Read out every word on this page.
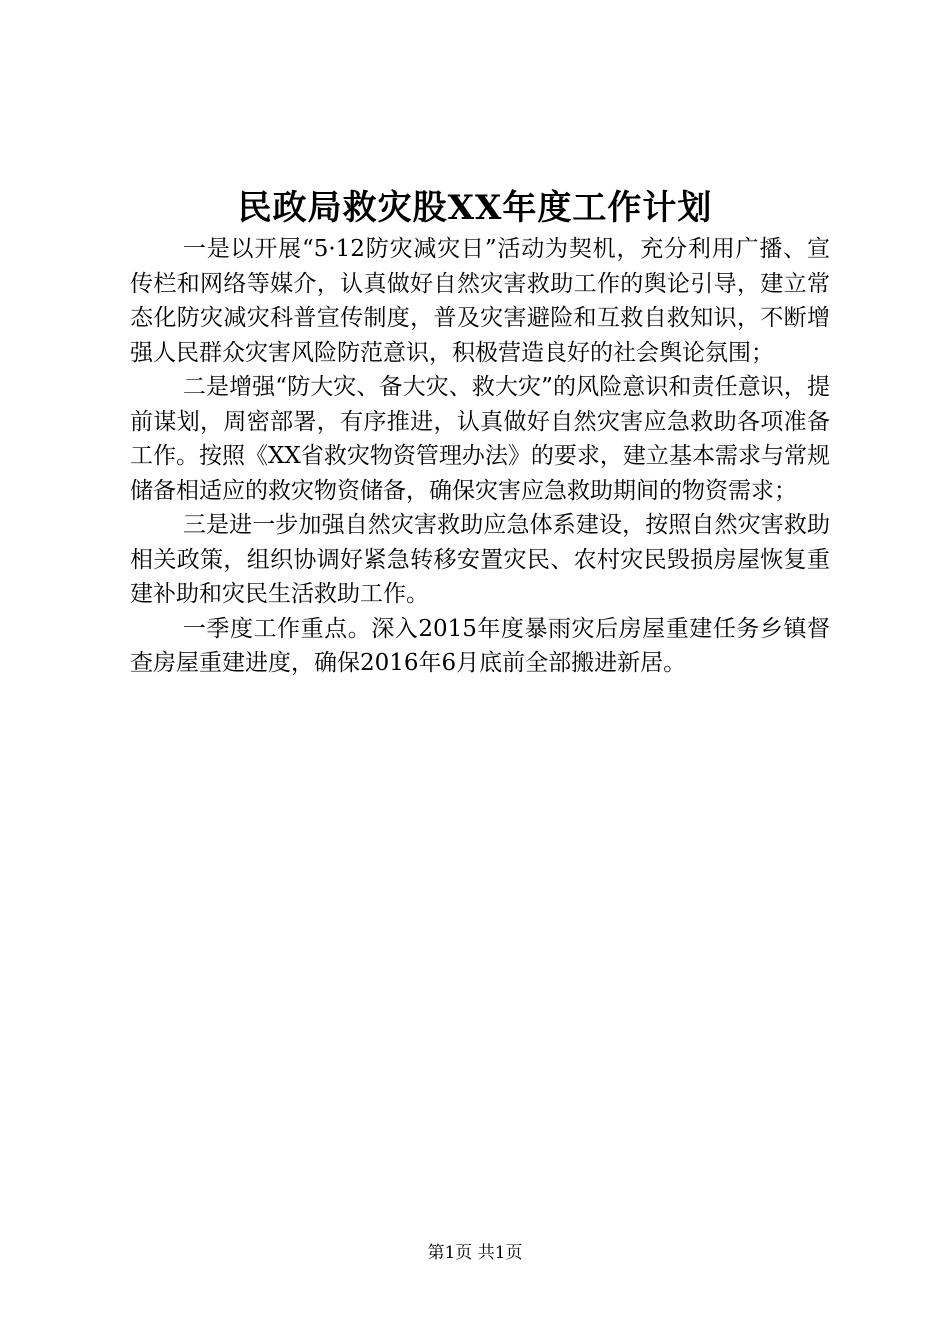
民政局救灾股XX年度工作计划

一是以开展“5·12防灾减灾日”活动为契机，充分利用广播、宣传栏和网络等媒介，认真做好自然灾害救助工作的舆论引导，建立常态化防灾减灾科普宣传制度，普及灾害避险和互救自救知识，不断增强人民群众灾害风险防范意识，积极营造良好的社会舆论氛围；

二是增强“防大灾、备大灾、救大灾”的风险意识和责任意识，提前谋划，周密部署，有序推进，认真做好自然灾害应急救助各项准备工作。按照《XX省救灾物资管理办法》的要求，建立基本需求与常规储备相适应的救灾物资储备，确保灾害应急救助期间的物资需求；

三是进一步加强自然灾害救助应急体系建设，按照自然灾害救助相关政策，组织协调好紧急转移安置灾民、农村灾民毁损房屋恢复重建补助和灾民生活救助工作。

一季度工作重点。深入2015年度暴雨灾后房屋重建任务乡镇督查房屋重建进度，确保2016年6月底前全部搬进新居。

第1页 共1页
